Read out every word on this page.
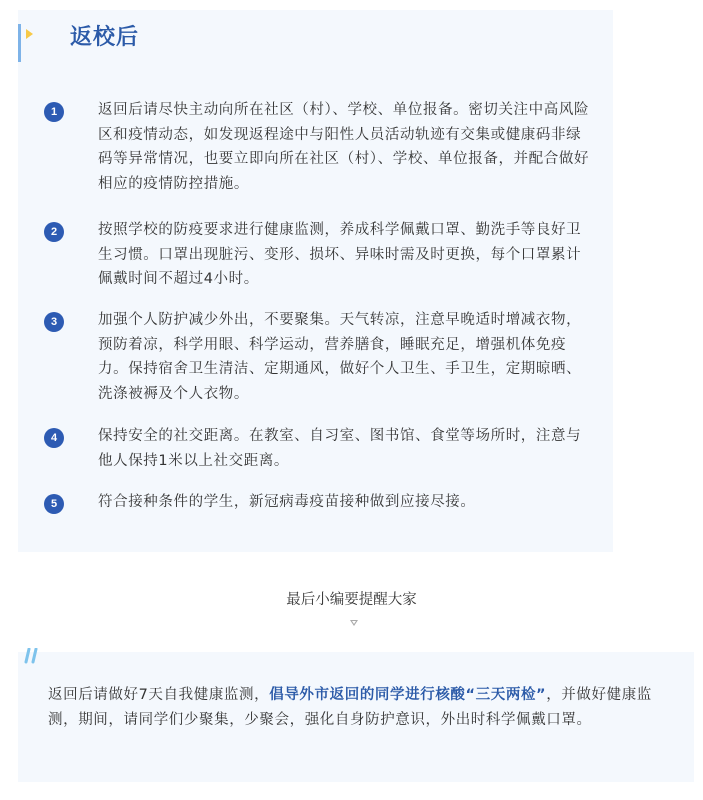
返校后
1	返回后请尽快主动向所在社区（村）、学校、单位报备。密切关注中高风险区和疫情动态，如发现返程途中与阳性人员活动轨迹有交集或健康码非绿码等异常情况，也要立即向所在社区（村）、学校、单位报备，并配合做好相应的疫情防控措施。
2	按照学校的防疫要求进行健康监测，养成科学佩戴口罩、勤洗手等良好卫生习惯。口罩出现脏污、变形、损坏、异味时需及时更换，每个口罩累计佩戴时间不超过4小时。
3	加强个人防护减少外出，不要聚集。天气转凉，注意早晚适时增减衣物，预防着凉，科学用眼、科学运动，营养膳食，睡眠充足，增强机体免疫力。保持宿舍卫生清洁、定期通风，做好个人卫生、手卫生，定期晾晒、洗涤被褥及个人衣物。
4	保持安全的社交距离。在教室、自习室、图书馆、食堂等场所时，注意与他人保持1米以上社交距离。
5	符合接种条件的学生，新冠病毒疫苗接种做到应接尽接。
最后小编要提醒大家
返回后请做好7天自我健康监测，倡导外市返回的同学进行核酸“三天两检”，并做好健康监测，期间，请同学们少聚集，少聚会，强化自身防护意识，外出时科学佩戴口罩。
